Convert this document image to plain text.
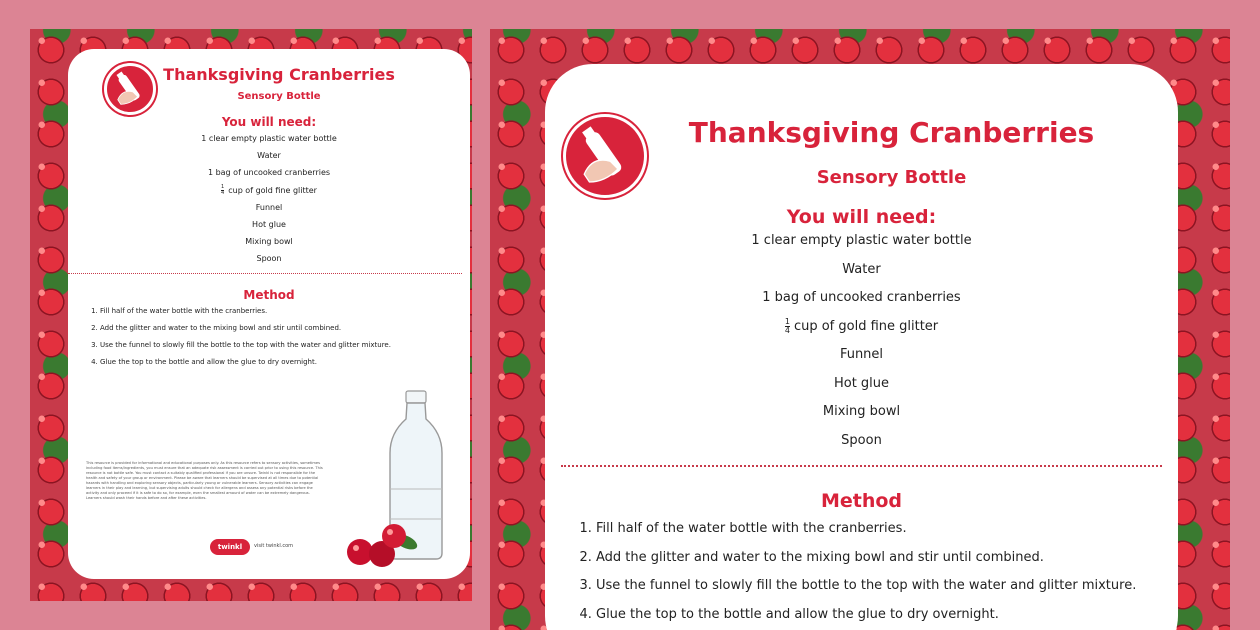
Thanksgiving Cranberries
Sensory Bottle
You will need:
1 clear empty plastic water bottle
Water
1 bag of uncooked cranberries
$\frac{1}{4}$ cup of gold fine glitter
Funnel
Hot glue
Mixing bowl
Spoon
Method
1. Fill half of the water bottle with the cranberries.
2. Add the glitter and water to the mixing bowl and stir until combined.
3. Use the funnel to slowly fill the bottle to the top with the water and glitter mixture.
4. Glue the top to the bottle and allow the glue to dry overnight.

This resource is provided for informational and educational purposes only. As this resource refers to sensory activities, sometimes including food items/ingredients, you must ensure that an adequate risk assessment is carried out prior to using this resource. This resource is not bottle safe. You must contact a suitably qualified professional if you are unsure. Twinkl is not responsible for the health and safety of your group or environment. Please be aware that learners should be supervised at all times due to potential hazards with handling and exploring sensory objects, particularly young or vulnerable learners. Sensory activities can engage learners in their play and learning, but supervising adults should check for allergens and assess any potential risks before the activity and only proceed if it is safe to do so, for example, even the smallest amount of water can be extremely dangerous. Learners should wash their hands before and after these activities.

twinkl	visit twinkl.com
Thanksgiving Cranberries
Sensory Bottle
You will need:
1 clear empty plastic water bottle
Water
1 bag of uncooked cranberries
$\frac{1}{4}$ cup of gold fine glitter
Funnel
Hot glue
Mixing bowl
Spoon
Method
1. Fill half of the water bottle with the cranberries.
2. Add the glitter and water to the mixing bowl and stir until combined.
3. Use the funnel to slowly fill the bottle to the top with the water and glitter mixture.
4. Glue the top to the bottle and allow the glue to dry overnight.
